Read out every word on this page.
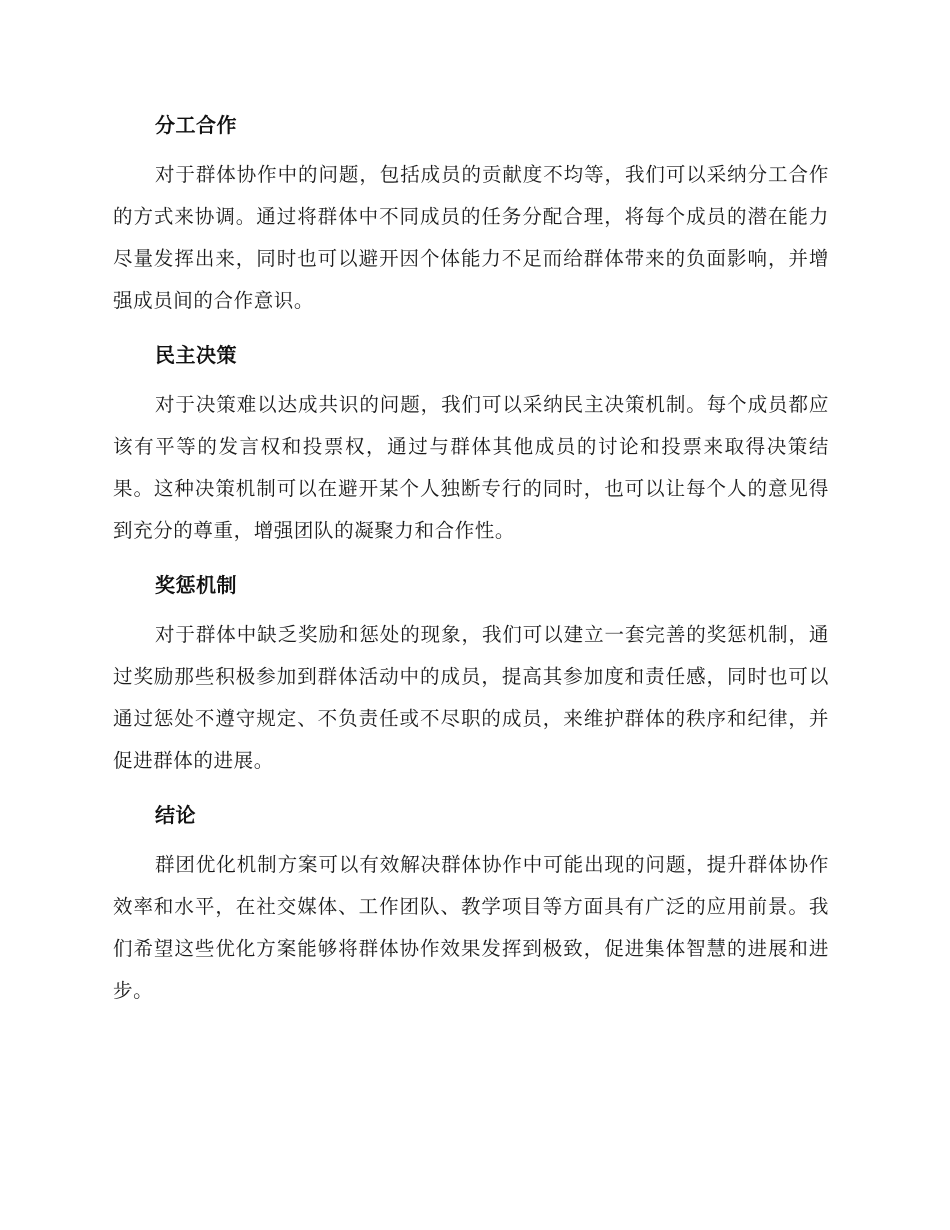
分工合作

对于群体协作中的问题，包括成员的贡献度不均等，我们可以采纳分工合作的方式来协调。通过将群体中不同成员的任务分配合理，将每个成员的潜在能力尽量发挥出来，同时也可以避开因个体能力不足而给群体带来的负面影响，并增强成员间的合作意识。

民主决策

对于决策难以达成共识的问题，我们可以采纳民主决策机制。每个成员都应该有平等的发言权和投票权，通过与群体其他成员的讨论和投票来取得决策结果。这种决策机制可以在避开某个人独断专行的同时，也可以让每个人的意见得到充分的尊重，增强团队的凝聚力和合作性。

奖惩机制

对于群体中缺乏奖励和惩处的现象，我们可以建立一套完善的奖惩机制，通过奖励那些积极参加到群体活动中的成员，提高其参加度和责任感，同时也可以通过惩处不遵守规定、不负责任或不尽职的成员，来维护群体的秩序和纪律，并促进群体的进展。

结论

群团优化机制方案可以有效解决群体协作中可能出现的问题，提升群体协作效率和水平，在社交媒体、工作团队、教学项目等方面具有广泛的应用前景。我们希望这些优化方案能够将群体协作效果发挥到极致，促进集体智慧的进展和进步。
